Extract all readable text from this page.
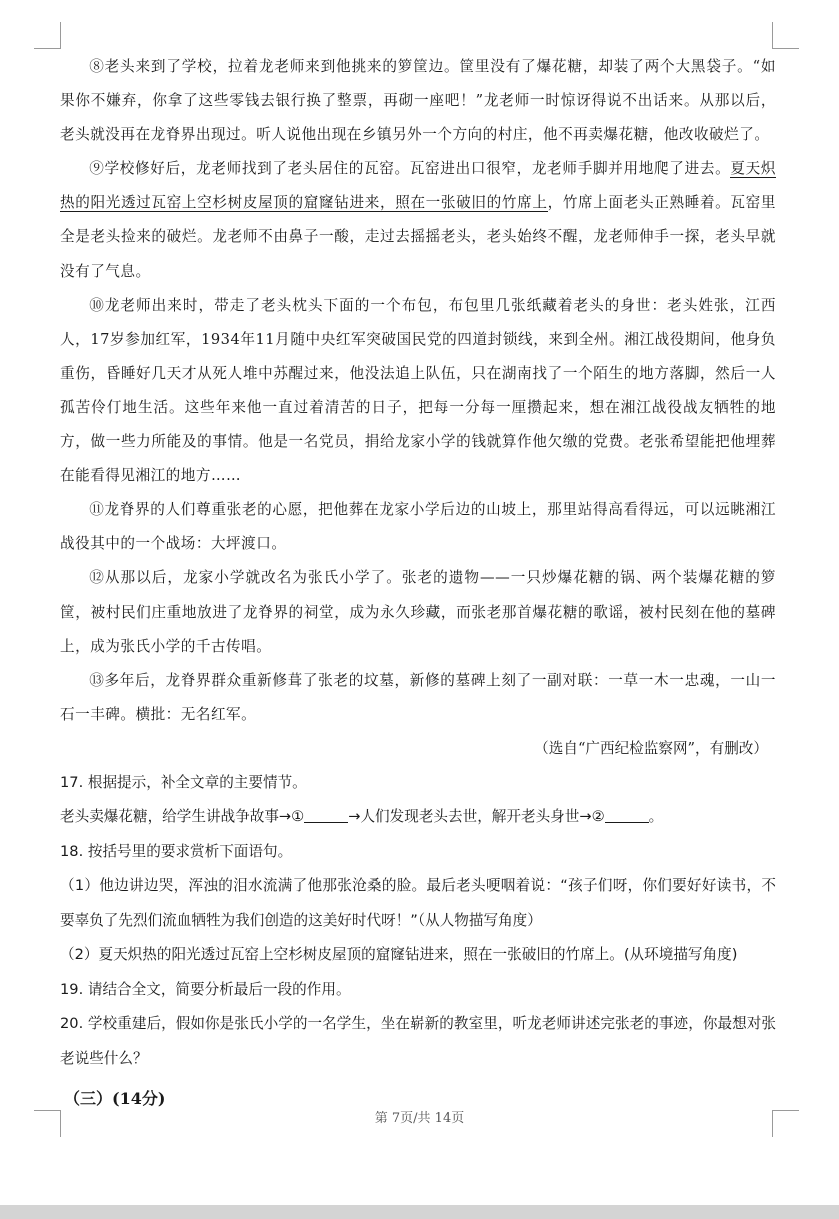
⑧老头来到了学校，拉着龙老师来到他挑来的箩筐边。筐里没有了爆花糖，却装了两个大黑袋子。“如果你不嫌弃，你拿了这些零钱去银行换了整票，再砌一座吧！”龙老师一时惊讶得说不出话来。从那以后，老头就没再在龙脊界出现过。听人说他出现在乡镇另外一个方向的村庄，他不再卖爆花糖，他改收破烂了。

⑨学校修好后，龙老师找到了老头居住的瓦窑。瓦窑进出口很窄，龙老师手脚并用地爬了进去。夏天炽热的阳光透过瓦窑上空杉树皮屋顶的窟窿钻进来，照在一张破旧的竹席上，竹席上面老头正熟睡着。瓦窑里全是老头捡来的破烂。龙老师不由鼻子一酸，走过去摇摇老头，老头始终不醒，龙老师伸手一探，老头早就没有了气息。

⑩龙老师出来时，带走了老头枕头下面的一个布包，布包里几张纸藏着老头的身世：老头姓张，江西人，17岁参加红军，1934年11月随中央红军突破国民党的四道封锁线，来到全州。湘江战役期间，他身负重伤，昏睡好几天才从死人堆中苏醒过来，他没法追上队伍，只在湖南找了一个陌生的地方落脚，然后一人孤苦伶仃地生活。这些年来他一直过着清苦的日子，把每一分每一厘攒起来，想在湘江战役战友牺牲的地方，做一些力所能及的事情。他是一名党员，捐给龙家小学的钱就算作他欠缴的党费。老张希望能把他埋葬在能看得见湘江的地方……

⑪龙脊界的人们尊重张老的心愿，把他葬在龙家小学后边的山坡上，那里站得高看得远，可以远眺湘江战役其中的一个战场：大坪渡口。

⑫从那以后，龙家小学就改名为张氏小学了。张老的遗物——一只炒爆花糖的锅、两个装爆花糖的箩筐，被村民们庄重地放进了龙脊界的祠堂，成为永久珍藏，而张老那首爆花糖的歌谣，被村民刻在他的墓碑上，成为张氏小学的千古传唱。

⑬多年后，龙脊界群众重新修葺了张老的坟墓，新修的墓碑上刻了一副对联：一草一木一忠魂，一山一石一丰碑。横批：无名红军。

（选自“广西纪检监察网”，有删改）

17. 根据提示，补全文章的主要情节。

老头卖爆花糖，给学生讲战争故事→①	→人们发现老头去世，解开老头身世→②	。

18. 按括号里的要求赏析下面语句。

（1）他边讲边哭，浑浊的泪水流满了他那张沧桑的脸。最后老头哽咽着说：“孩子们呀，你们要好好读书，不要辜负了先烈们流血牺牲为我们创造的这美好时代呀！”（从人物描写角度）

（2）夏天炽热的阳光透过瓦窑上空杉树皮屋顶的窟窿钻进来，照在一张破旧的竹席上。(从环境描写角度)

19. 请结合全文，简要分析最后一段的作用。

20. 学校重建后，假如你是张氏小学的一名学生，坐在崭新的教室里，听龙老师讲述完张老的事迹，你最想对张老说些什么？

（三）(14分)

第 7页/共 14页
